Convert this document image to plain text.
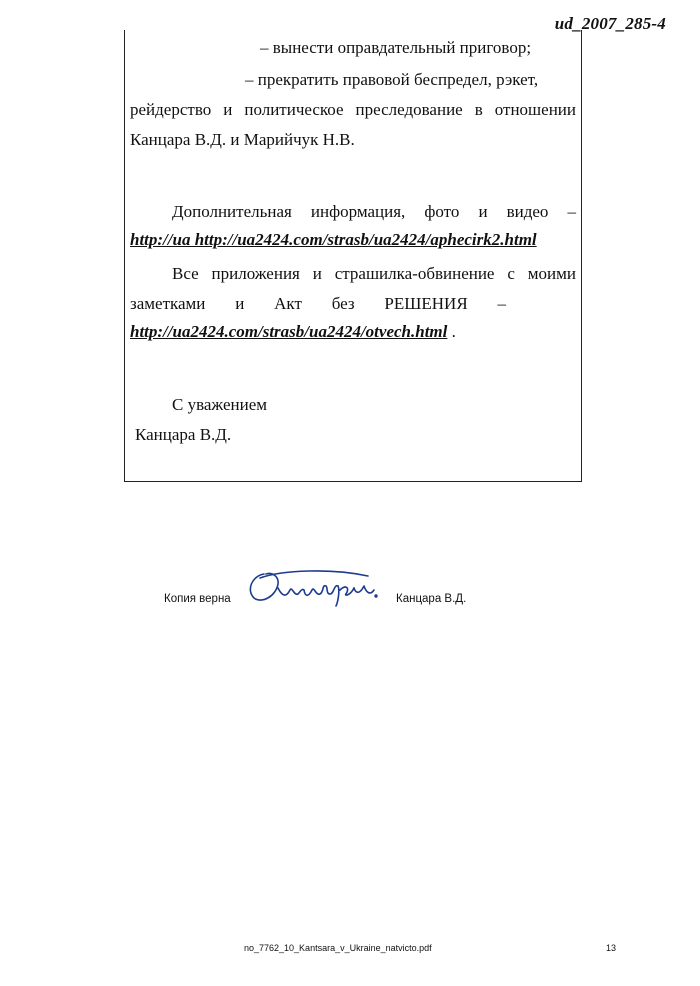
ud_2007_285-4
– вынести оправдательный приговор;
– прекратить правовой беспредел, рэкет,
рейдерство и политическое преследование в отношении
Канцара В.Д. и Марийчук Н.В.
Дополнительная информация, фото и видео –
http://ua http://ua2424.com/strasb/ua2424/aphecirk2.html
Все приложения и страшилка-обвинение с моими
заметками и Акт без РЕШЕНИЯ –
http://ua2424.com/strasb/ua2424/otvech.html .
С уважением
Канцара В.Д.
Копия верна	Канцара В.Д.
no_7762_10_Kantsara_v_Ukraine_natvicto.pdf	13
